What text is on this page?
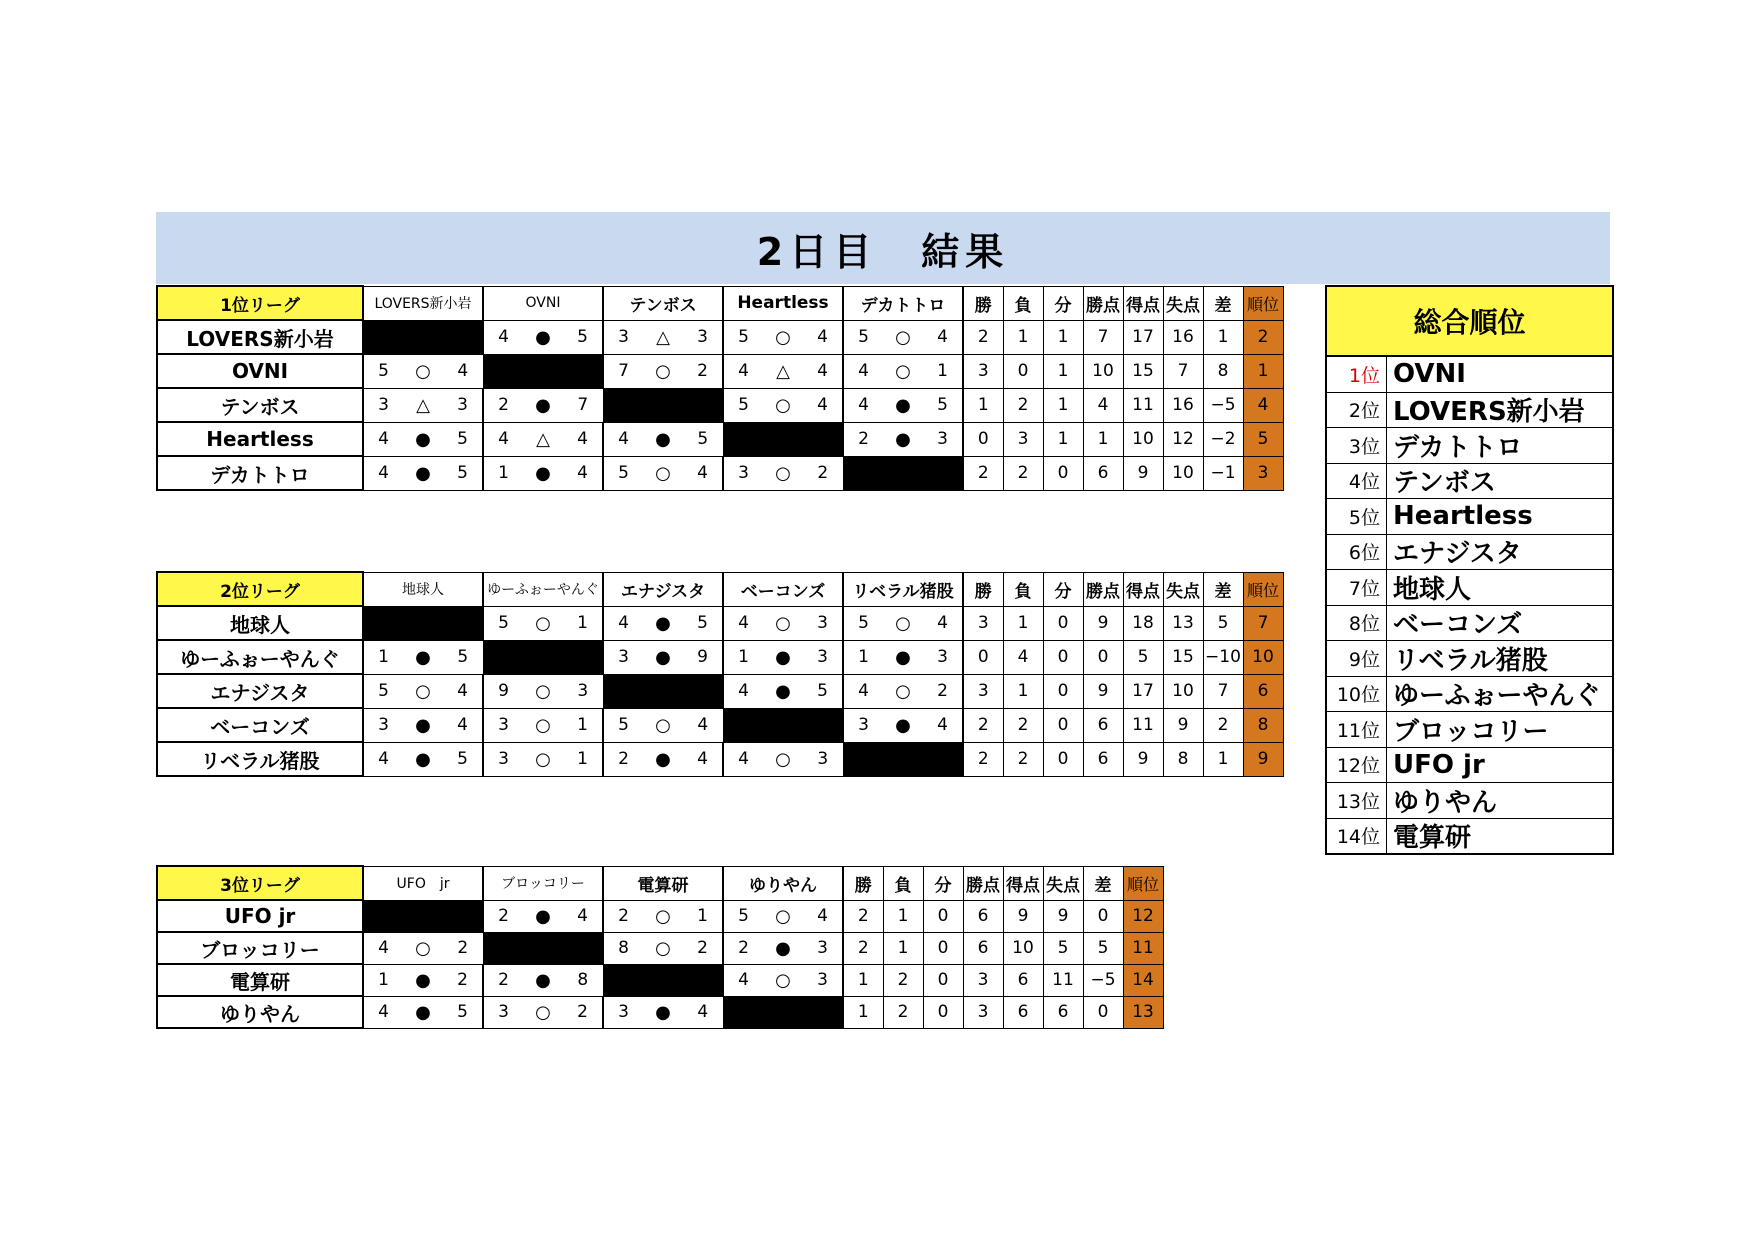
2日目　結果
1位リーグ	LOVERS新小岩			OVNI			テンボス			Heartless			デカトトロ			勝	負	分	勝点	得点	失点	差	順位
LOVERS新小岩				4	●	5	3	△	3	5	○	4	5	○	4	2	1	1	7	17	16	1	2
OVNI	5	○	4				7	○	2	4	△	4	4	○	1	3	0	1	10	15	7	8	1
テンボス	3	△	3	2	●	7				5	○	4	4	●	5	1	2	1	4	11	16	−5	4
Heartless	4	●	5	4	△	4	4	●	5				2	●	3	0	3	1	1	10	12	−2	5
デカトトロ	4	●	5	1	●	4	5	○	4	3	○	2				2	2	0	6	9	10	−1	3
2位リーグ	地球人			ゆーふぉーやんぐ			エナジスタ			ベーコンズ			リベラル猪股			勝	負	分	勝点	得点	失点	差	順位
地球人				5	○	1	4	●	5	4	○	3	5	○	4	3	1	0	9	18	13	5	7
ゆーふぉーやんぐ	1	●	5				3	●	9	1	●	3	1	●	3	0	4	0	0	5	15	−10	10
エナジスタ	5	○	4	9	○	3				4	●	5	4	○	2	3	1	0	9	17	10	7	6
ベーコンズ	3	●	4	3	○	1	5	○	4				3	●	4	2	2	0	6	11	9	2	8
リベラル猪股	4	●	5	3	○	1	2	●	4	4	○	3				2	2	0	6	9	8	1	9
3位リーグ	UFO　jr			ブロッコリー			電算研			ゆりやん			勝	負	分	勝点	得点	失点	差	順位
UFO jr				2	●	4	2	○	1	5	○	4	2	1	0	6	9	9	0	12
ブロッコリー	4	○	2				8	○	2	2	●	3	2	1	0	6	10	5	5	11
電算研	1	●	2	2	●	8				4	○	3	1	2	0	3	6	11	−5	14
ゆりやん	4	●	5	3	○	2	3	●	4				1	2	0	3	6	6	0	13
総合順位
1位 OVNI
2位 LOVERS新小岩
3位 デカトトロ
4位 テンボス
5位 Heartless
6位 エナジスタ
7位 地球人
8位 ベーコンズ
9位 リベラル猪股
10位 ゆーふぉーやんぐ
11位 ブロッコリー
12位 UFO jr
13位 ゆりやん
14位 電算研
